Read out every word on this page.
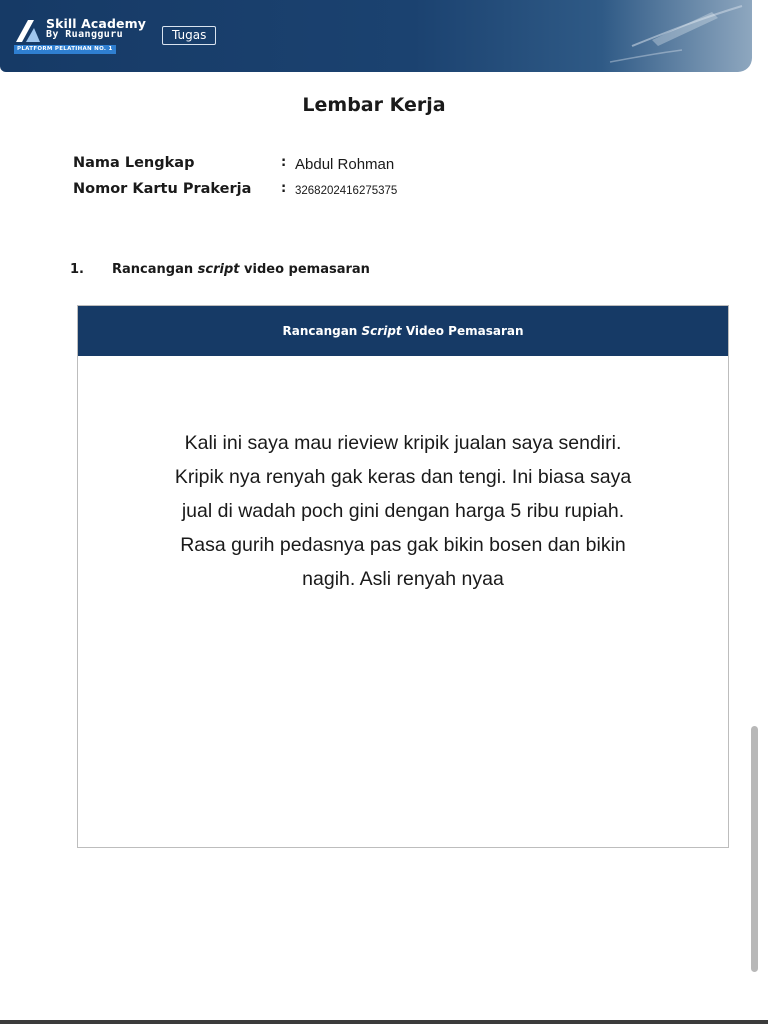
Skill Academy
By Ruangguru
PLATFORM PELATIHAN NO. 1
Tugas
Lembar Kerja
Nama Lengkap	: Abdul Rohman
Nomor Kartu Prakerja : 3268202416275375
1. Rancangan script video pemasaran
Rancangan Script Video Pemasaran
Kali ini saya mau rieview kripik jualan saya sendiri. Kripik nya renyah gak keras dan tengi. Ini biasa saya jual di wadah poch gini dengan harga 5 ribu rupiah. Rasa gurih pedasnya pas gak bikin bosen dan bikin nagih. Asli renyah nyaa
